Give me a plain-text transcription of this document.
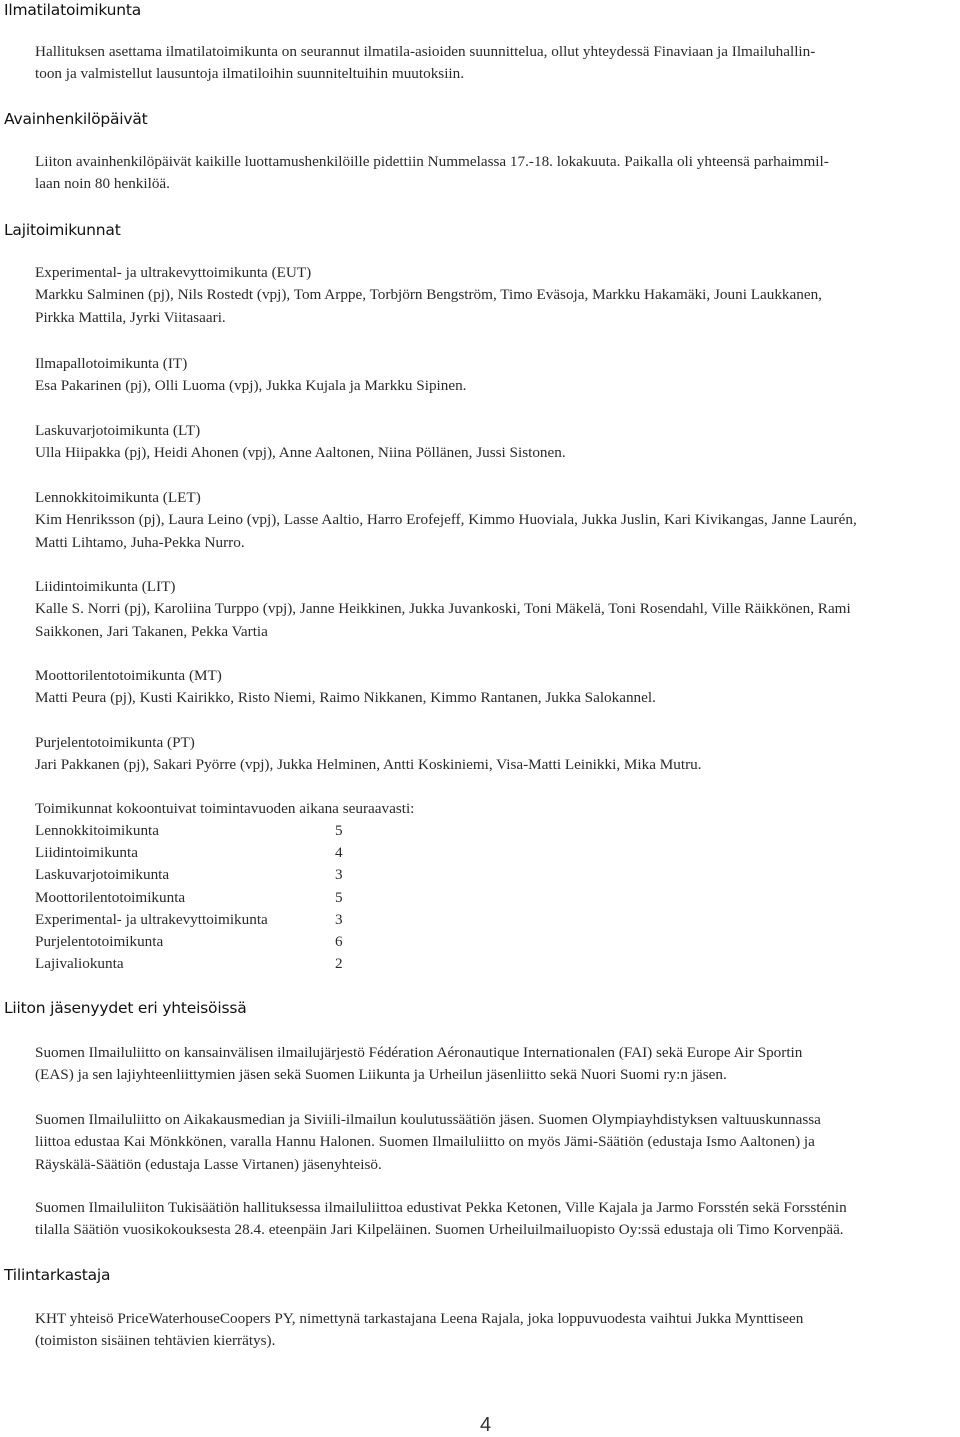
Ilmatilatoimikunta

Hallituksen asettama ilmatilatoimikunta on seurannut ilmatila-asioiden suunnittelua, ollut yhteydessä Finaviaan ja Ilmailuhallin-
toon ja valmistellut lausuntoja ilmatiloihin suunniteltuihin muutoksiin.

Avainhenkilöpäivät

Liiton avainhenkilöpäivät kaikille luottamushenkilöille pidettiin Nummelassa 17.-18. lokakuuta. Paikalla oli yhteensä parhaimmil-
laan noin 80 henkilöä.

Lajitoimikunnat

Experimental- ja ultrakevyttoimikunta (EUT)
Markku Salminen (pj), Nils Rostedt (vpj), Tom Arppe, Torbjörn Bengström, Timo Eväsoja, Markku Hakamäki, Jouni Laukkanen,
Pirkka Mattila, Jyrki Viitasaari.

Ilmapallotoimikunta (IT)
Esa Pakarinen (pj), Olli Luoma (vpj), Jukka Kujala ja Markku Sipinen.

Laskuvarjotoimikunta (LT)
Ulla Hiipakka (pj), Heidi Ahonen (vpj), Anne Aaltonen, Niina Pöllänen, Jussi Sistonen.

Lennokkitoimikunta (LET)
Kim Henriksson (pj), Laura Leino (vpj), Lasse Aaltio, Harro Erofejeff, Kimmo Huoviala, Jukka Juslin, Kari Kivikangas, Janne Laurén,
Matti Lihtamo, Juha-Pekka Nurro.

Liidintoimikunta (LIT)
Kalle S. Norri (pj), Karoliina Turppo (vpj), Janne Heikkinen, Jukka Juvankoski, Toni Mäkelä, Toni Rosendahl, Ville Räikkönen, Rami
Saikkonen, Jari Takanen, Pekka Vartia

Moottorilentotoimikunta (MT)
Matti Peura (pj), Kusti Kairikko, Risto Niemi, Raimo Nikkanen, Kimmo Rantanen, Jukka Salokannel.

Purjelentotoimikunta (PT)
Jari Pakkanen (pj), Sakari Pyörre (vpj), Jukka Helminen, Antti Koskiniemi, Visa-Matti Leinikki, Mika Mutru.

Toimikunnat kokoontuivat toimintavuoden aikana seuraavasti:

Lennokkitoimikunta	5
Liidintoimikunta	4
Laskuvarjotoimikunta	3
Moottorilentotoimikunta	5
Experimental- ja ultrakevyttoimikunta	3
Purjelentotoimikunta	6
Lajivaliokunta	2
Liiton jäsenyydet eri yhteisöissä

Suomen Ilmailuliitto on kansainvälisen ilmailujärjestö Fédération Aéronautique Internationalen (FAI) sekä Europe Air Sportin
(EAS) ja sen lajiyhteenliittymien jäsen sekä Suomen Liikunta ja Urheilun jäsenliitto sekä Nuori Suomi ry:n jäsen.

Suomen Ilmailuliitto on Aikakausmedian ja Siviili-ilmailun koulutussäätiön jäsen. Suomen Olympiayhdistyksen valtuuskunnassa
liittoa edustaa Kai Mönkkönen, varalla Hannu Halonen. Suomen Ilmailuliitto on myös Jämi-Säätiön (edustaja Ismo Aaltonen) ja
Räyskälä-Säätiön (edustaja Lasse Virtanen) jäsenyhteisö.

Suomen Ilmailuliiton Tukisäätiön hallituksessa ilmailuliittoa edustivat Pekka Ketonen, Ville Kajala ja Jarmo Forsstén sekä Forssténin
tilalla Säätiön vuosikokouksesta 28.4. eteenpäin Jari Kilpeläinen. Suomen Urheiluilmailuopisto Oy:ssä edustaja oli Timo Korvenpää.

Tilintarkastaja

KHT yhteisö PriceWaterhouseCoopers PY, nimettynä tarkastajana Leena Rajala, joka loppuvuodesta vaihtui Jukka Mynttiseen
(toimiston sisäinen tehtävien kierrätys).

4
